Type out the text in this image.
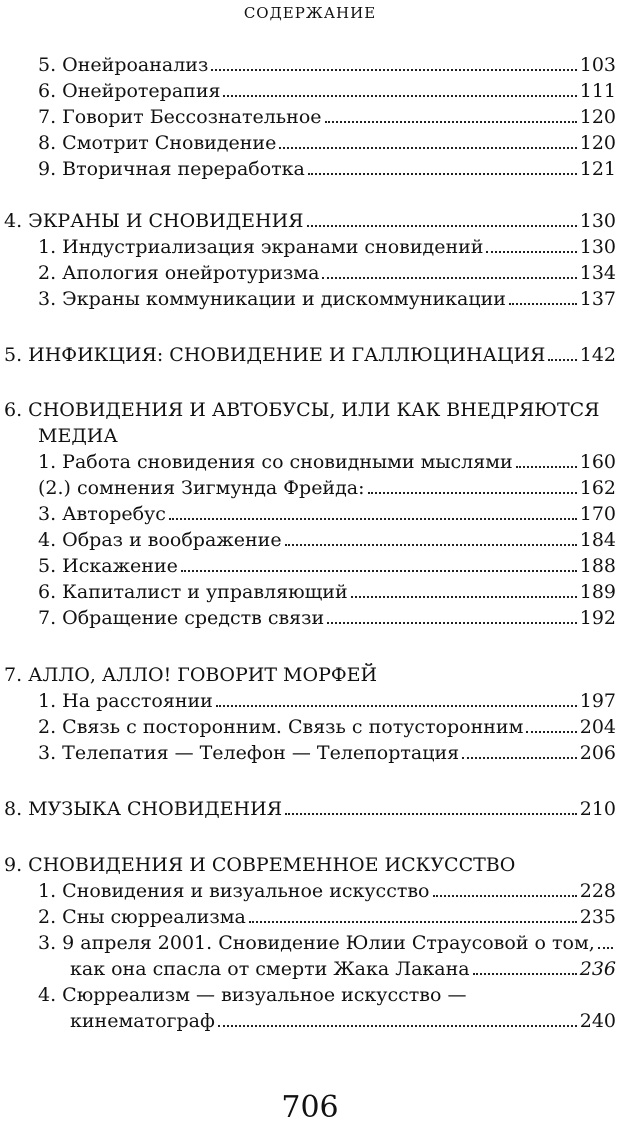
СОДЕРЖАНИЕ
5. Онейроанализ	103
6. Онейротерапия	111
7. Говорит Бессознательное	120
8. Смотрит Сновидение	120
9. Вторичная переработка	121
4. ЭКРАНЫ И СНОВИДЕНИЯ	130
1. Индустриализация экранами сновидений	130
2. Апология онейротуризма	134
3. Экраны коммуникации и дискоммуникации	137
5. ИНФИКЦИЯ: СНОВИДЕНИЕ И ГАЛЛЮЦИНАЦИЯ 142
6. СНОВИДЕНИЯ И АВТОБУСЫ, ИЛИ КАК ВНЕДРЯЮТСЯ
МЕДИА
1. Работа сновидения со сновидными мыслями	160
(2.) сомнения Зигмунда Фрейда:	162
3. Авторебус	170
4. Образ и воображение	184
5. Искажение	188
6. Капиталист и управляющий	189
7. Обращение средств связи	192
7. АЛЛО, АЛЛО! ГОВОРИТ МОРФЕЙ
1. На расстоянии	197
2. Связь с посторонним. Связь с потусторонним	204
3. Телепатия — Телефон — Телепортация	206
8. МУЗЫКА СНОВИДЕНИЯ	210
9. СНОВИДЕНИЯ И СОВРЕМЕННОЕ ИСКУССТВО
1. Сновидения и визуальное искусство	228
2. Сны сюрреализма	235
3. 9 апреля 2001. Сновидение Юлии Страусовой о том,
как она спасла от смерти Жака Лакана	236
4. Сюрреализм — визуальное искусство —
кинематограф	240
706
